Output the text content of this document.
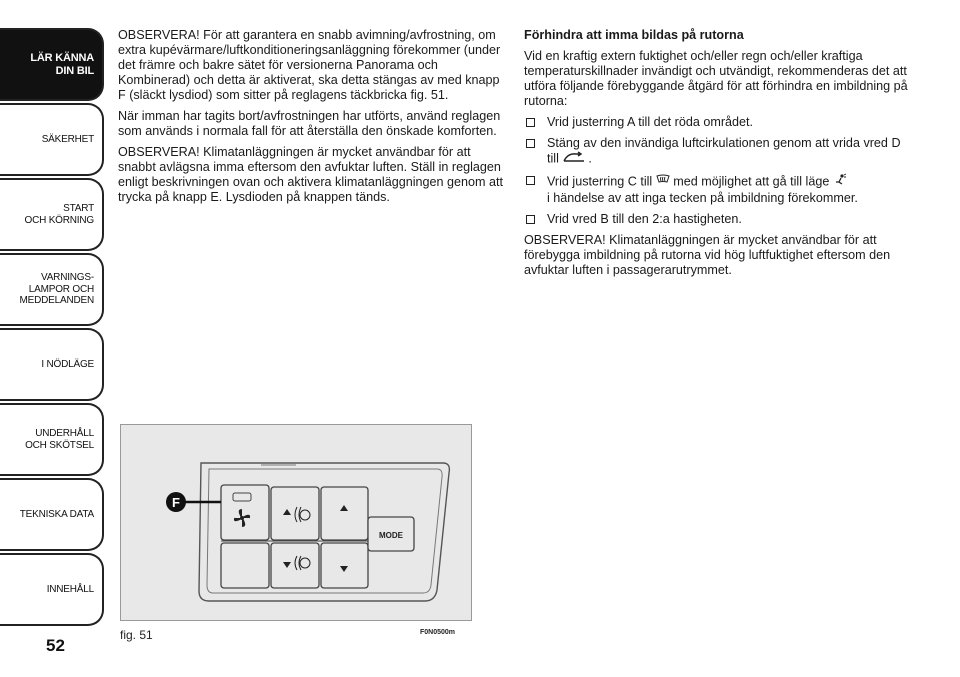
LÄR KÄNNA
DIN BIL
SÄKERHET
START
OCH KÖRNING
VARNINGS-
LAMPOR OCH
MEDDELANDEN
I NÖDLÄGE
UNDERHÅLL
OCH SKÖTSEL
TEKNISKA DATA
INNEHÅLL
52

OBSERVERA! För att garantera en snabb avimning/avfrostning, om extra kupévärmare/luftkonditioneringsanläggning förekommer (under det främre och bakre sätet för versionerna Panorama och Kombinerad) och detta är aktiverat, ska detta stängas av med knapp F (släckt lysdiod) som sitter på reglagens täckbricka fig. 51.

När imman har tagits bort/avfrostningen har utförts, använd reglagen som används i normala fall för att återställa den önskade komforten.

OBSERVERA! Klimatanläggningen är mycket användbar för att snabbt avlägsna imma eftersom den avfuktar luften. Ställ in reglagen enligt beskrivningen ovan och aktivera klimatanläggningen genom att trycka på knapp E. Lysdioden på knappen tänds.

Förhindra att imma bildas på rutorna

Vid en kraftig extern fuktighet och/eller regn och/eller kraftiga temperaturskillnader invändigt och utvändigt, rekommenderas det att utföra följande förebyggande åtgärd för att förhindra en imbildning på rutorna:

Vrid justerring A till det röda området.
Stäng av den invändiga luftcirkulationen genom att vrida vred D till .
Vrid justerring C till med möjlighet att gå till läge
i händelse av att inga tecken på imbildning förekommer.
Vrid vred B till den 2:a hastigheten.

OBSERVERA! Klimatanläggningen är mycket användbar för att förebygga imbildning på rutorna vid hög luftfuktighet eftersom den avfuktar luften i passagerarutrymmet.

MODE
F
fig. 51	F0N0500m
